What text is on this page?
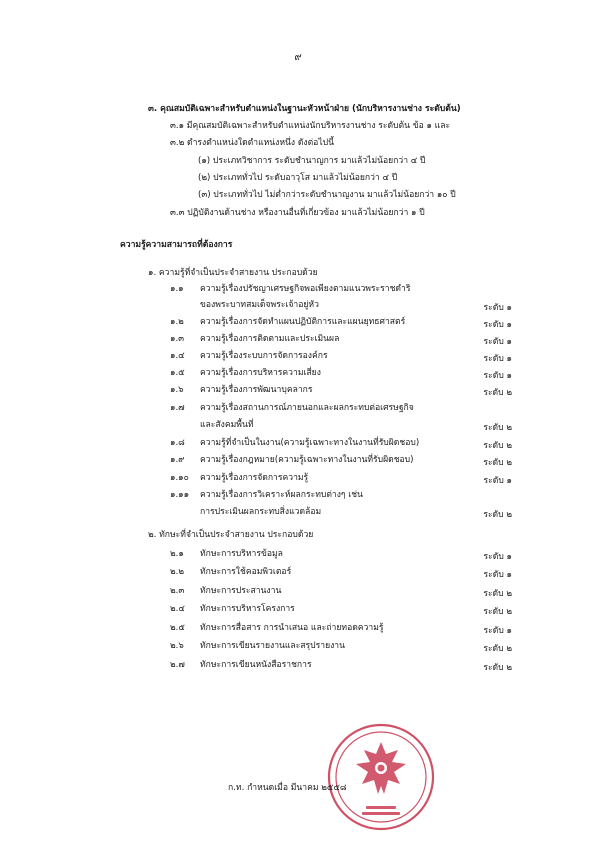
๙
๓. คุณสมบัติเฉพาะสำหรับตำแหน่งในฐานะหัวหน้าฝ่าย (นักบริหารงานช่าง ระดับต้น)
๓.๑ มีคุณสมบัติเฉพาะสำหรับตำแหน่งนักบริหารงานช่าง ระดับต้น ข้อ ๑ และ
๓.๒ ดำรงตำแหน่งใดตำแหน่งหนึ่ง ดังต่อไปนี้
(๑) ประเภทวิชาการ ระดับชำนาญการ มาแล้วไม่น้อยกว่า ๔ ปี
(๒) ประเภททั่วไป ระดับอาวุโส มาแล้วไม่น้อยกว่า ๔ ปี
(๓) ประเภททั่วไป ไม่ต่ำกว่าระดับชำนาญงาน มาแล้วไม่น้อยกว่า ๑๐ ปี
๓.๓ ปฏิบัติงานด้านช่าง หรืองานอื่นที่เกี่ยวข้อง มาแล้วไม่น้อยกว่า ๑ ปี
ความรู้ความสามารถที่ต้องการ
๑. ความรู้ที่จำเป็นประจำสายงาน ประกอบด้วย
๑.๑ ความรู้เรื่องปรัชญาเศรษฐกิจพอเพียงตามแนวพระราชดำริ
ของพระบาทสมเด็จพระเจ้าอยู่หัว	ระดับ ๑
๑.๒ ความรู้เรื่องการจัดทำแผนปฏิบัติการและแผนยุทธศาสตร์	ระดับ ๑
๑.๓ ความรู้เรื่องการติดตามและประเมินผล	ระดับ ๑
๑.๔ ความรู้เรื่องระบบการจัดการองค์กร	ระดับ ๑
๑.๕ ความรู้เรื่องการบริหารความเสี่ยง	ระดับ ๑
๑.๖ ความรู้เรื่องการพัฒนาบุคลากร	ระดับ ๒
๑.๗ ความรู้เรื่องสถานการณ์ภายนอกและผลกระทบต่อเศรษฐกิจ
และสังคมพื้นที่	ระดับ ๒
๑.๘ ความรู้ที่จำเป็นในงาน(ความรู้เฉพาะทางในงานที่รับผิดชอบ)	ระดับ ๒
๑.๙ ความรู้เรื่องกฎหมาย(ความรู้เฉพาะทางในงานที่รับผิดชอบ)	ระดับ ๒
๑.๑๐ ความรู้เรื่องการจัดการความรู้	ระดับ ๑
๑.๑๑ ความรู้เรื่องการวิเคราะห์ผลกระทบต่างๆ เช่น
การประเมินผลกระทบสิ่งแวดล้อม	ระดับ ๒
๒. ทักษะที่จำเป็นประจำสายงาน ประกอบด้วย
๒.๑ ทักษะการบริหารข้อมูล	ระดับ ๑
๒.๒ ทักษะการใช้คอมพิวเตอร์	ระดับ ๑
๒.๓ ทักษะการประสานงาน	ระดับ ๒
๒.๔ ทักษะการบริหารโครงการ	ระดับ ๒
๒.๕ ทักษะการสื่อสาร การนำเสนอ และถ่ายทอดความรู้	ระดับ ๑
๒.๖ ทักษะการเขียนรายงานและสรุปรายงาน	ระดับ ๒
๒.๗ ทักษะการเขียนหนังสือราชการ	ระดับ ๒
ก.ท. กำหนดเมื่อ มีนาคม ๒๕๕๘
